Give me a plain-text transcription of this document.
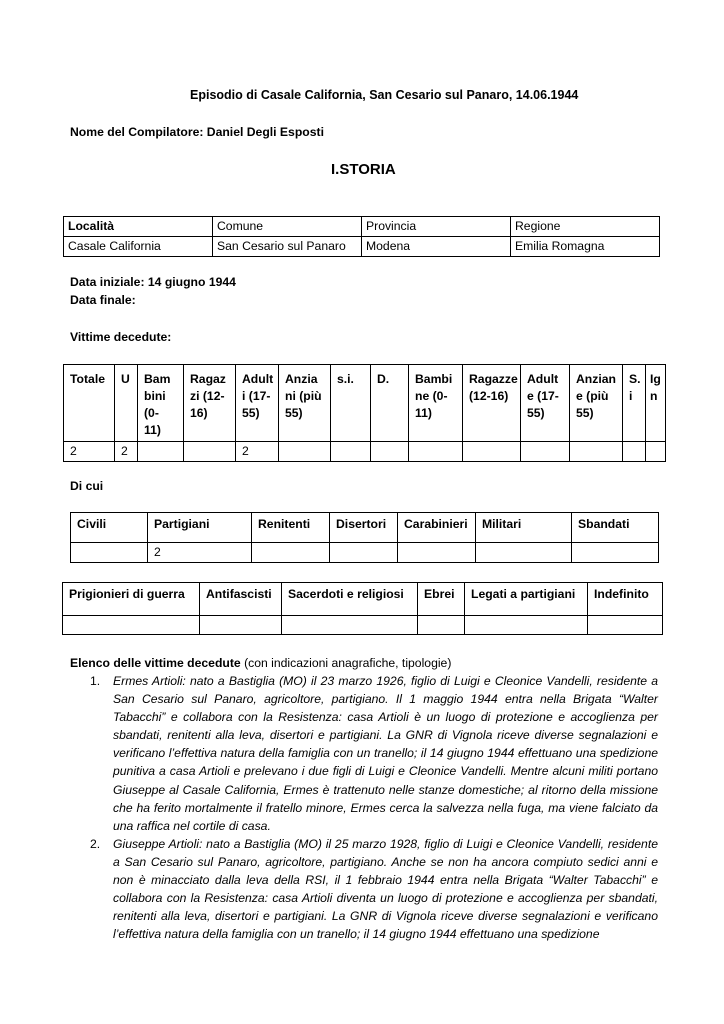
Episodio di Casale California, San Cesario sul Panaro, 14.06.1944
Nome del Compilatore: Daniel Degli Esposti
I.STORIA
Località	Comune	Provincia	Regione
Casale California	San Cesario sul Panaro	Modena	Emilia Romagna
Data iniziale: 14 giugno 1944
Data finale:
Vittime decedute:
Totale	U	Bam bini (0- 11)	Ragaz zi (12- 16)	Adult i (17- 55)	Anzia ni (più 55)	s.i.	D.	Bambi ne (0- 11)	Ragazze (12-16)	Adult e (17- 55)	Anzian e (più 55)	S. i	Ig n
2	2			2									
Di cui
Civili	Partigiani	Renitenti	Disertori	Carabinieri	Militari	Sbandati
	2					
Prigionieri di guerra	Antifascisti	Sacerdoti e religiosi	Ebrei	Legati a partigiani	Indefinito

Elenco delle vittime decedute (con indicazioni anagrafiche, tipologie)
1. Ermes Artioli: nato a Bastiglia (MO) il 23 marzo 1926, figlio di Luigi e Cleonice Vandelli, residente a San Cesario sul Panaro, agricoltore, partigiano. Il 1 maggio 1944 entra nella Brigata “Walter Tabacchi” e collabora con la Resistenza: casa Artioli è un luogo di protezione e accoglienza per sbandati, renitenti alla leva, disertori e partigiani. La GNR di Vignola riceve diverse segnalazioni e verificano l’effettiva natura della famiglia con un tranello; il 14 giugno 1944 effettuano una spedizione punitiva a casa Artioli e prelevano i due figli di Luigi e Cleonice Vandelli. Mentre alcuni militi portano Giuseppe al Casale California, Ermes è trattenuto nelle stanze domestiche; al ritorno della missione che ha ferito mortalmente il fratello minore, Ermes cerca la salvezza nella fuga, ma viene falciato da una raffica nel cortile di casa.
2. Giuseppe Artioli: nato a Bastiglia (MO) il 25 marzo 1928, figlio di Luigi e Cleonice Vandelli, residente a San Cesario sul Panaro, agricoltore, partigiano. Anche se non ha ancora compiuto sedici anni e non è minacciato dalla leva della RSI, il 1 febbraio 1944 entra nella Brigata “Walter Tabacchi” e collabora con la Resistenza: casa Artioli diventa un luogo di protezione e accoglienza per sbandati, renitenti alla leva, disertori e partigiani. La GNR di Vignola riceve diverse segnalazioni e verificano l’effettiva natura della famiglia con un tranello; il 14 giugno 1944 effettuano una spedizione
